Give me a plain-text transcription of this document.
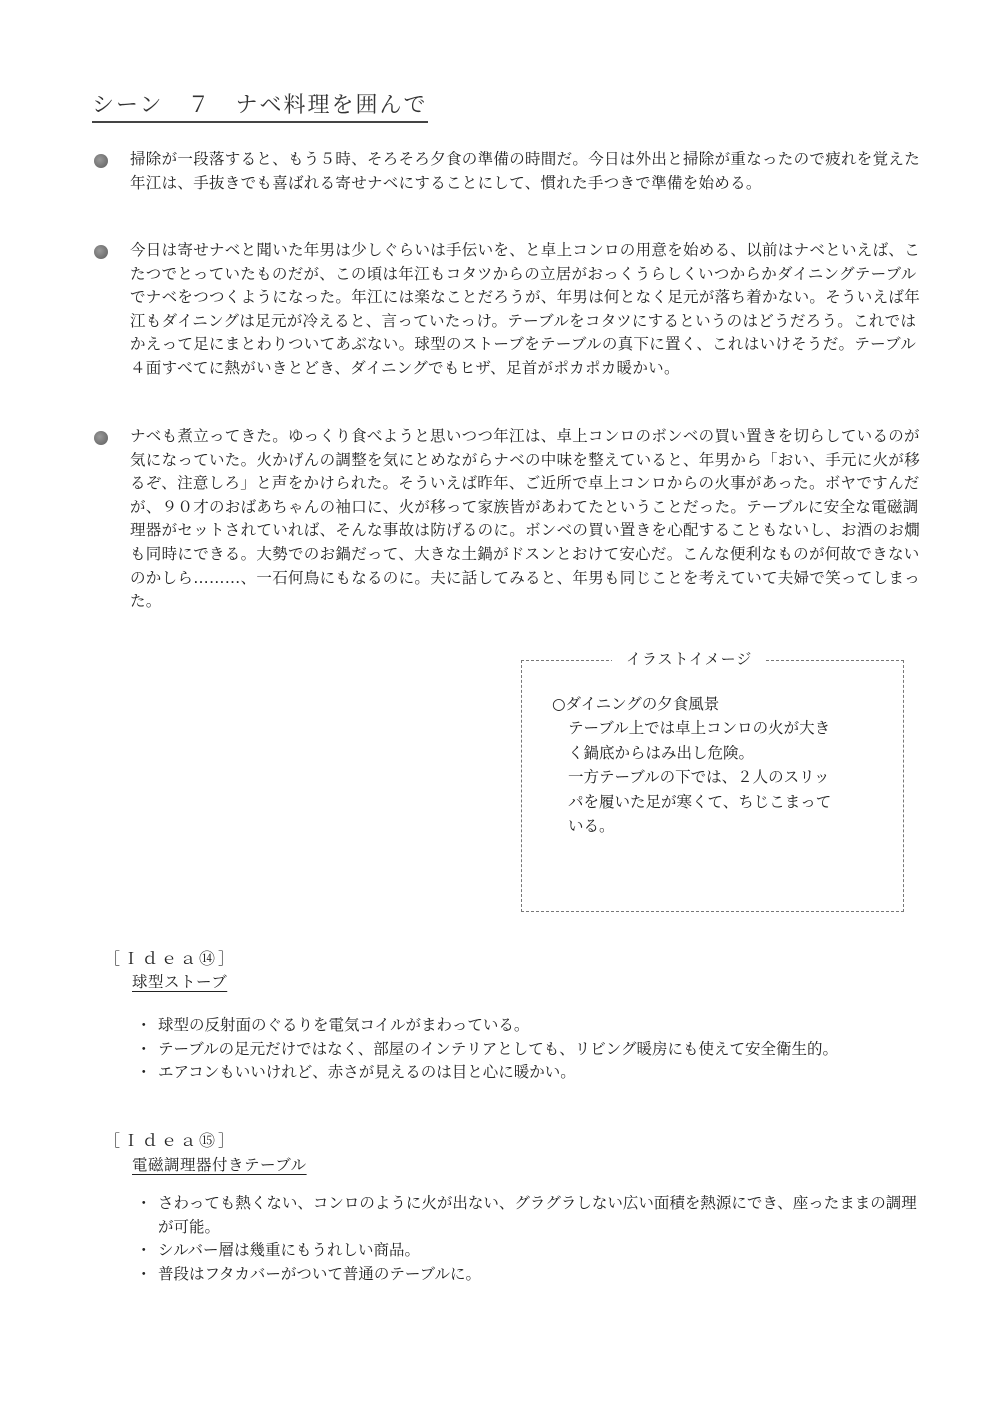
シーン　７　ナベ料理を囲んで

掃除が一段落すると、もう５時、そろそろ夕食の準備の時間だ。今日は外出と掃除が重なったので疲れを覚えた年江は、手抜きでも喜ばれる寄せナベにすることにして、慣れた手つきで準備を始める。

今日は寄せナベと聞いた年男は少しぐらいは手伝いを、と卓上コンロの用意を始める、以前はナベといえば、こたつでとっていたものだが、この頃は年江もコタツからの立居がおっくうらしくいつからかダイニングテーブルでナベをつつくようになった。年江には楽なことだろうが、年男は何となく足元が落ち着かない。そういえば年江もダイニングは足元が冷えると、言っていたっけ。テーブルをコタツにするというのはどうだろう。これではかえって足にまとわりついてあぶない。球型のストーブをテーブルの真下に置く、これはいけそうだ。テーブル４面すべてに熱がいきとどき、ダイニングでもヒザ、足首がポカポカ暖かい。

ナベも煮立ってきた。ゆっくり食べようと思いつつ年江は、卓上コンロのボンベの買い置きを切らしているのが気になっていた。火かげんの調整を気にとめながらナベの中味を整えていると、年男から「おい、手元に火が移るぞ、注意しろ」と声をかけられた。そういえば昨年、ご近所で卓上コンロからの火事があった。ボヤですんだが、９０才のおばあちゃんの袖口に、火が移って家族皆があわてたということだった。テーブルに安全な電磁調理器がセットされていれば、そんな事故は防げるのに。ボンベの買い置きを心配することもないし、お酒のお燗も同時にできる。大勢でのお鍋だって、大きな土鍋がドスンとおけて安心だ。こんな便利なものが何故できないのかしら………、一石何鳥にもなるのに。夫に話してみると、年男も同じことを考えていて夫婦で笑ってしまった。

イラストイメージ
○ダイニングの夕食風景
テーブル上では卓上コンロの火が大き
く鍋底からはみ出し危険。
一方テーブルの下では、２人のスリッ
パを履いた足が寒くて、ちじこまって
いる。
［Ｉｄｅａ⑭］
球型ストーブ
・ 球型の反射面のぐるりを電気コイルがまわっている。
・ テーブルの足元だけではなく、部屋のインテリアとしても、リビング暖房にも使えて安全衛生的。
・ エアコンもいいけれど、赤さが見えるのは目と心に暖かい。
［Ｉｄｅａ⑮］
電磁調理器付きテーブル
・ さわっても熱くない、コンロのように火が出ない、グラグラしない広い面積を熱源にでき、座ったままの調理が可能。
・ シルバー層は幾重にもうれしい商品。
・ 普段はフタカバーがついて普通のテーブルに。
